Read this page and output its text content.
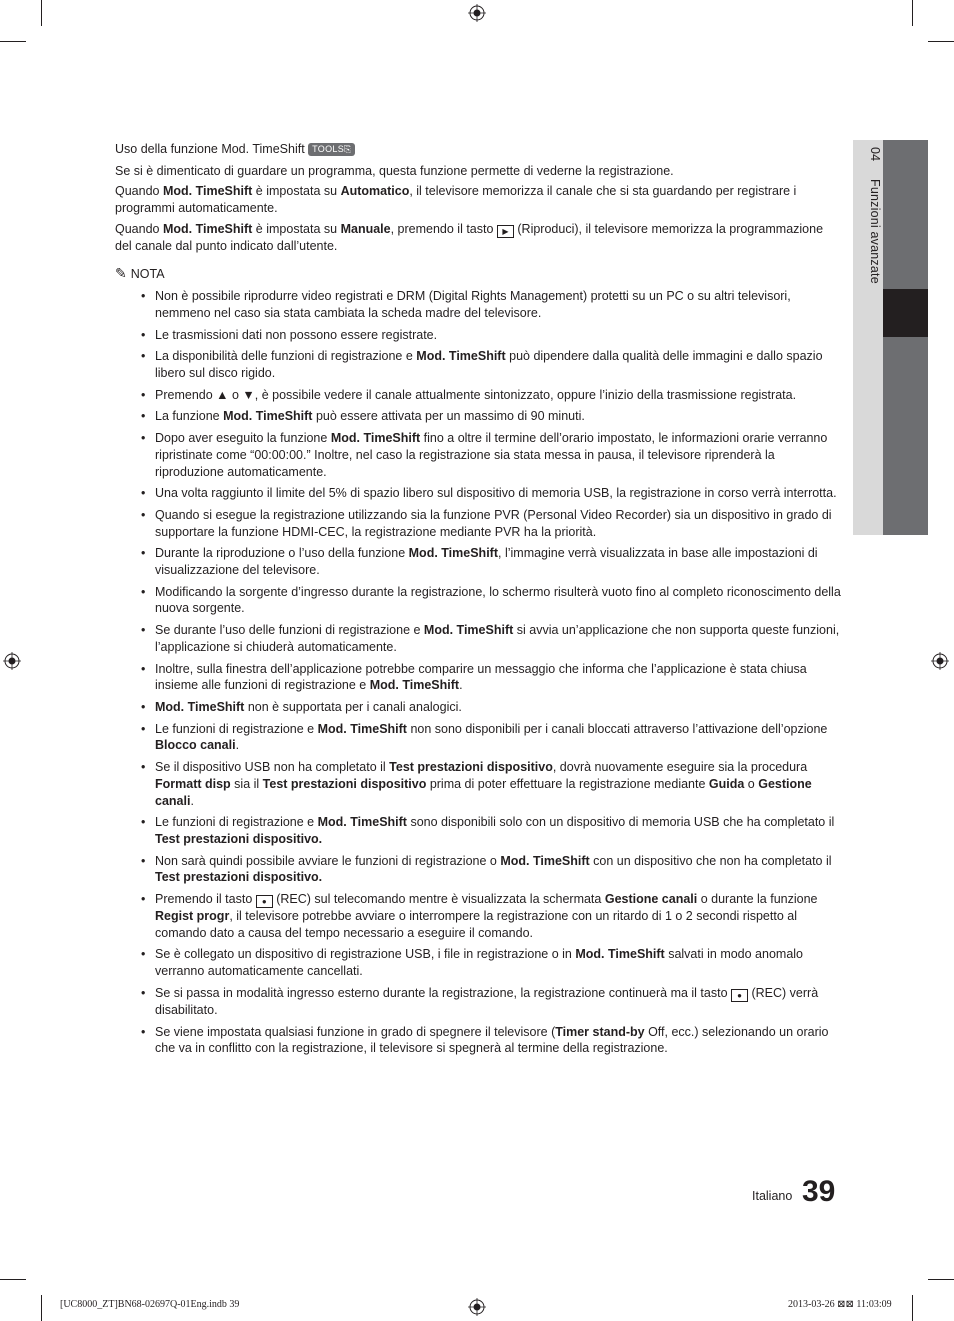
04 Funzioni avanzate

Uso della funzione Mod. TimeShift TOOLS⎘

Se si è dimenticato di guardare un programma, questa funzione permette di vederne la registrazione.

Quando Mod. TimeShift è impostata su Automatico, il televisore memorizza il canale che si sta guardando per registrare i programmi automaticamente.

Quando Mod. TimeShift è impostata su Manuale, premendo il tasto ▶ (Riproduci), il televisore memorizza la programmazione del canale dal punto indicato dall’utente.

✎ NOTA
• Non è possibile riprodurre video registrati e DRM (Digital Rights Management) protetti su un PC o su altri televisori, nemmeno nel caso sia stata cambiata la scheda madre del televisore.
• Le trasmissioni dati non possono essere registrate.
• La disponibilità delle funzioni di registrazione e Mod. TimeShift può dipendere dalla qualità delle immagini e dallo spazio libero sul disco rigido.
• Premendo ▲ o ▼, è possibile vedere il canale attualmente sintonizzato, oppure l’inizio della trasmissione registrata.
• La funzione Mod. TimeShift può essere attivata per un massimo di 90 minuti.
• Dopo aver eseguito la funzione Mod. TimeShift fino a oltre il termine dell’orario impostato, le informazioni orarie verranno ripristinate come “00:00:00.” Inoltre, nel caso la registrazione sia stata messa in pausa, il televisore riprenderà la riproduzione automaticamente.
• Una volta raggiunto il limite del 5% di spazio libero sul dispositivo di memoria USB, la registrazione in corso verrà interrotta.
• Quando si esegue la registrazione utilizzando sia la funzione PVR (Personal Video Recorder) sia un dispositivo in grado di supportare la funzione HDMI-CEC, la registrazione mediante PVR ha la priorità.
• Durante la riproduzione o l’uso della funzione Mod. TimeShift, l’immagine verrà visualizzata in base alle impostazioni di visualizzazione del televisore.
• Modificando la sorgente d’ingresso durante la registrazione, lo schermo risulterà vuoto fino al completo riconoscimento della nuova sorgente.
• Se durante l’uso delle funzioni di registrazione e Mod. TimeShift si avvia un’applicazione che non supporta queste funzioni, l’applicazione si chiuderà automaticamente.
• Inoltre, sulla finestra dell’applicazione potrebbe comparire un messaggio che informa che l’applicazione è stata chiusa insieme alle funzioni di registrazione e Mod. TimeShift.
• Mod. TimeShift non è supportata per i canali analogici.
• Le funzioni di registrazione e Mod. TimeShift non sono disponibili per i canali bloccati attraverso l’attivazione dell’opzione Blocco canali.
• Se il dispositivo USB non ha completato il Test prestazioni dispositivo, dovrà nuovamente eseguire sia la procedura Formatt disp sia il Test prestazioni dispositivo prima di poter effettuare la registrazione mediante Guida o Gestione canali.
• Le funzioni di registrazione e Mod. TimeShift sono disponibili solo con un dispositivo di memoria USB che ha completato il Test prestazioni dispositivo.
• Non sarà quindi possibile avviare le funzioni di registrazione o Mod. TimeShift con un dispositivo che non ha completato il Test prestazioni dispositivo.
• Premendo il tasto ● (REC) sul telecomando mentre è visualizzata la schermata Gestione canali o durante la funzione Regist progr, il televisore potrebbe avviare o interrompere la registrazione con un ritardo di 1 o 2 secondi rispetto al comando dato a causa del tempo necessario a eseguire il comando.
• Se è collegato un dispositivo di registrazione USB, i file in registrazione o in Mod. TimeShift salvati in modo anomalo verranno automaticamente cancellati.
• Se si passa in modalità ingresso esterno durante la registrazione, la registrazione continuerà ma il tasto ● (REC) verrà disabilitato.
• Se viene impostata qualsiasi funzione in grado di spegnere il televisore (Timer stand-by Off, ecc.) selezionando un orario che va in conflitto con la registrazione, il televisore si spegnerà al termine della registrazione.
Italiano 39
[UC8000_ZT]BN68-02697Q-01Eng.indb 39	2013-03-26 ⊠⊠ 11:03:09
